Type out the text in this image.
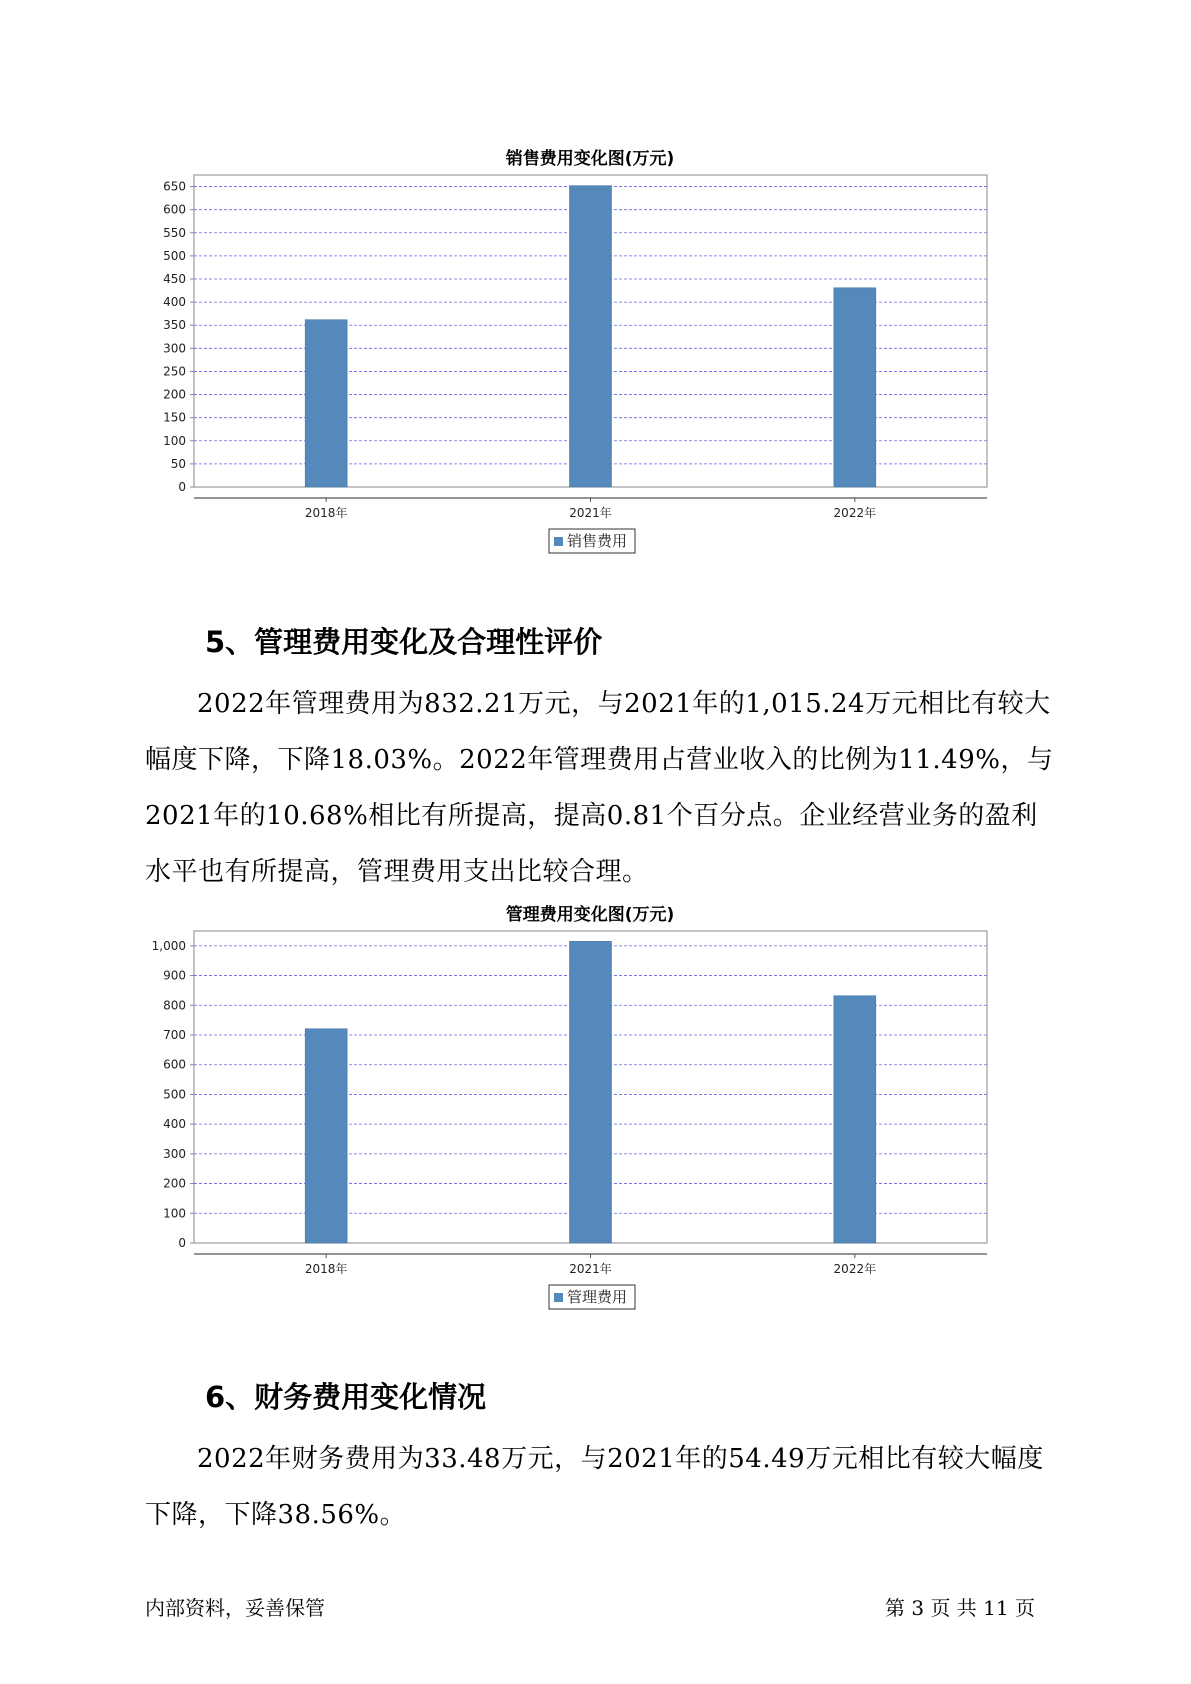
销售费用变化图(万元)
0
50
100
150
200
250
300
350
400
450
500
550
600
650
2018年	2021年	2022年
销售费用
5、管理费用变化及合理性评价
2022年管理费用为832.21万元，与2021年的1,015.24万元相比有较大
幅度下降，下降18.03%。2022年管理费用占营业收入的比例为11.49%，与
2021年的10.68%相比有所提高，提高0.81个百分点。企业经营业务的盈利
水平也有所提高，管理费用支出比较合理。
管理费用变化图(万元)
0
100
200
300
400
500
600
700
800
900
1,000
2018年	2021年	2022年
管理费用
6、财务费用变化情况
2022年财务费用为33.48万元，与2021年的54.49万元相比有较大幅度
下降，下降38.56%。
内部资料，妥善保管	第 3 页 共 11 页
